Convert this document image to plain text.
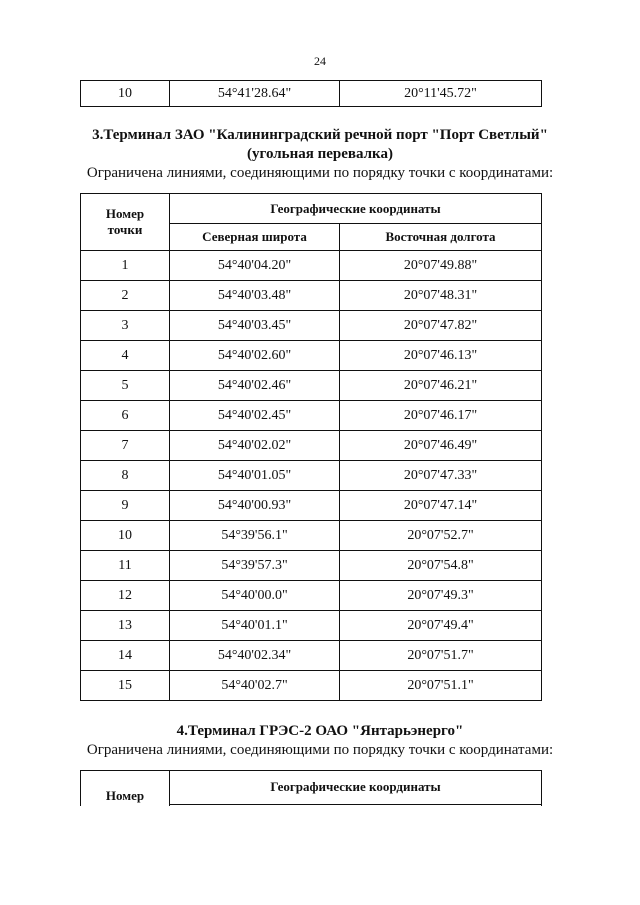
24
10	54°41'28.64"	20°11'45.72"
3.Терминал ЗАО "Калининградский речной порт "Порт Светлый"
(угольная перевалка)
Ограничена линиями, соединяющими по порядку точки с координатами:
Номер
точки	Географические координаты	
	Северная широта	Восточная долгота
1	54°40'04.20"	20°07'49.88"
2	54°40'03.48"	20°07'48.31"
3	54°40'03.45"	20°07'47.82"
4	54°40'02.60"	20°07'46.13"
5	54°40'02.46"	20°07'46.21"
6	54°40'02.45"	20°07'46.17"
7	54°40'02.02"	20°07'46.49"
8	54°40'01.05"	20°07'47.33"
9	54°40'00.93"	20°07'47.14"
10	54°39'56.1"	20°07'52.7"
11	54°39'57.3"	20°07'54.8"
12	54°40'00.0"	20°07'49.3"
13	54°40'01.1"	20°07'49.4"
14	54°40'02.34"	20°07'51.7"
15	54°40'02.7"	20°07'51.1"
4.Терминал ГРЭС-2 ОАО "Янтарьэнерго"
Ограничена линиями, соединяющими по порядку точки с координатами:
Номер	Географические координаты
